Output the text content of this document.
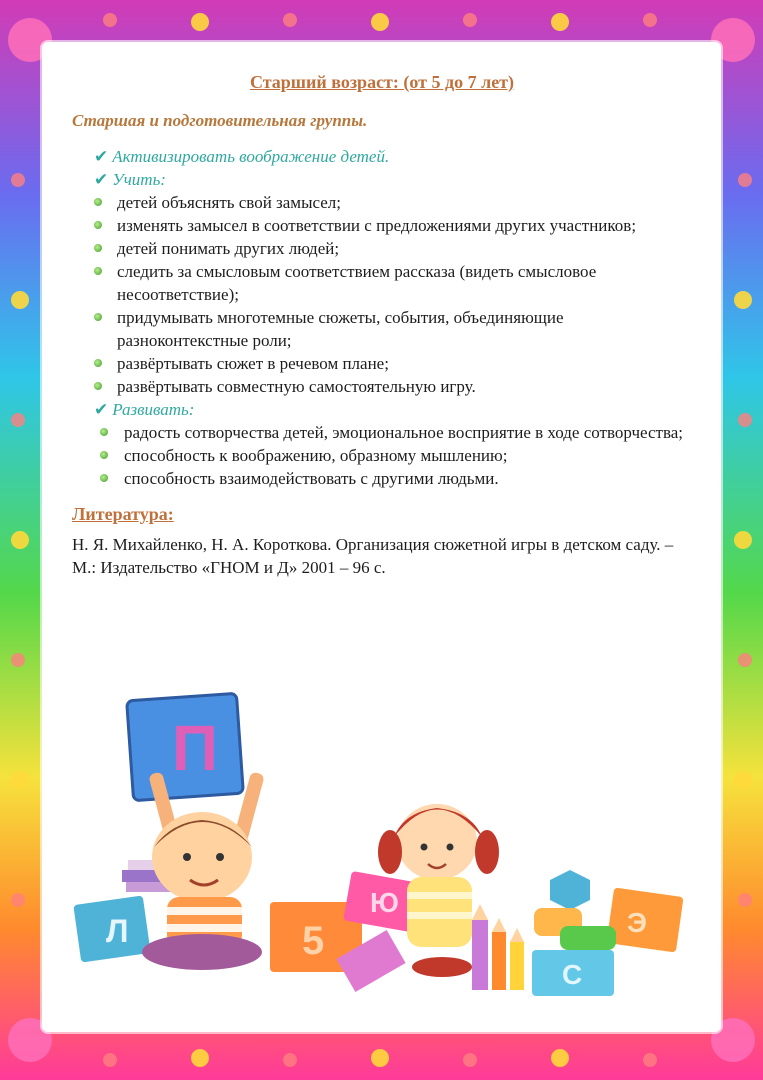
Старший возраст: (от 5 до 7 лет)
Старшая и подготовительная группы.
✔ Активизировать воображение детей.
✔ Учить:
детей объяснять свой замысел;
изменять замысел в соответствии с предложениями других участников;
детей понимать других людей;
следить за смысловым соответствием рассказа (видеть смысловое несоответствие);
придумывать многотемные сюжеты, события, объединяющие разноконтекстные роли;
развёртывать сюжет в речевом плане;
развёртывать совместную самостоятельную игру.
✔ Развивать:
радость сотворчества детей, эмоциональное восприятие в ходе сотворчества;
способность к воображению, образному мышлению;
способность взаимодействовать с другими людьми.
Литература:

Н. Я. Михайленко, Н. А. Короткова. Организация сюжетной игры в детском саду. – М.: Издательство «ГНОМ и Д» 2001 – 96 с.

Л	5
Ю
Э
С
П
